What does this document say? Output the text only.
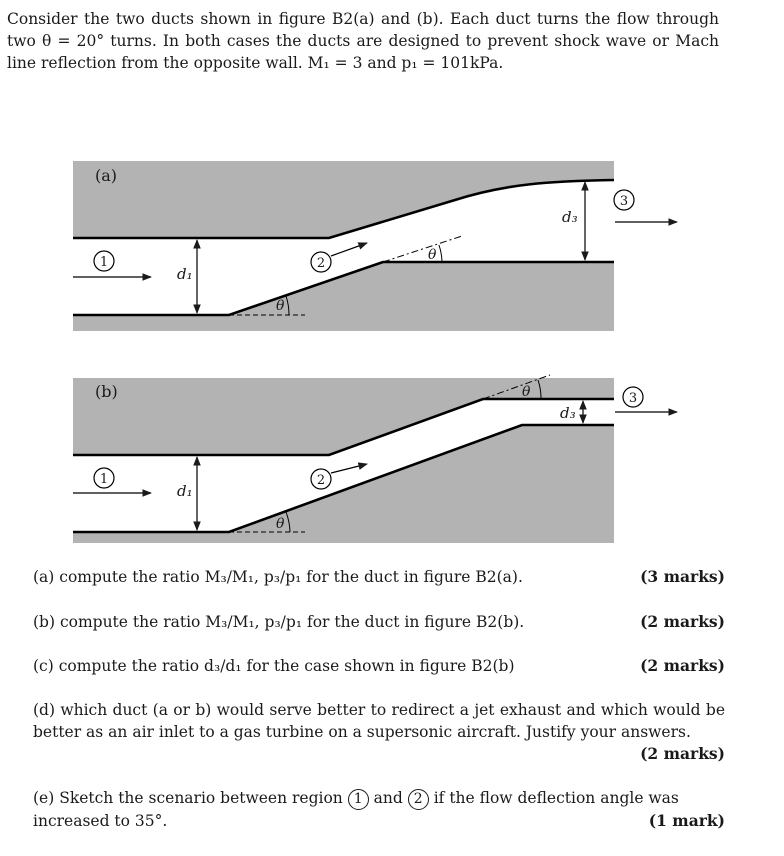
Consider the two ducts shown in figure B2(a) and (b). Each duct turns the flow through two θ = 20° turns. In both cases the ducts are designed to prevent shock wave or Mach line reflection from the opposite wall. M₁ = 3 and p₁ = 101kPa.

θ
θ
d₁
d₃
1	2
3
(a)
θ
θ
d₁
d₃
1	2
3
(b)
(a) compute the ratio M₃/M₁, p₃/p₁ for the duct in figure B2(a).	(3 marks)
(b) compute the ratio M₃/M₁, p₃/p₁ for the duct in figure B2(b).	(2 marks)
(c) compute the ratio d₃/d₁ for the case shown in figure B2(b)	(2 marks)
(d) which duct (a or b) would serve better to redirect a jet exhaust and which would be better as an air inlet to a gas turbine on a supersonic aircraft. Justify your answers.
(2 marks)
(e) Sketch the scenario between region 1 and 2 if the flow deflection angle was increased to 35°.	(1 mark)
